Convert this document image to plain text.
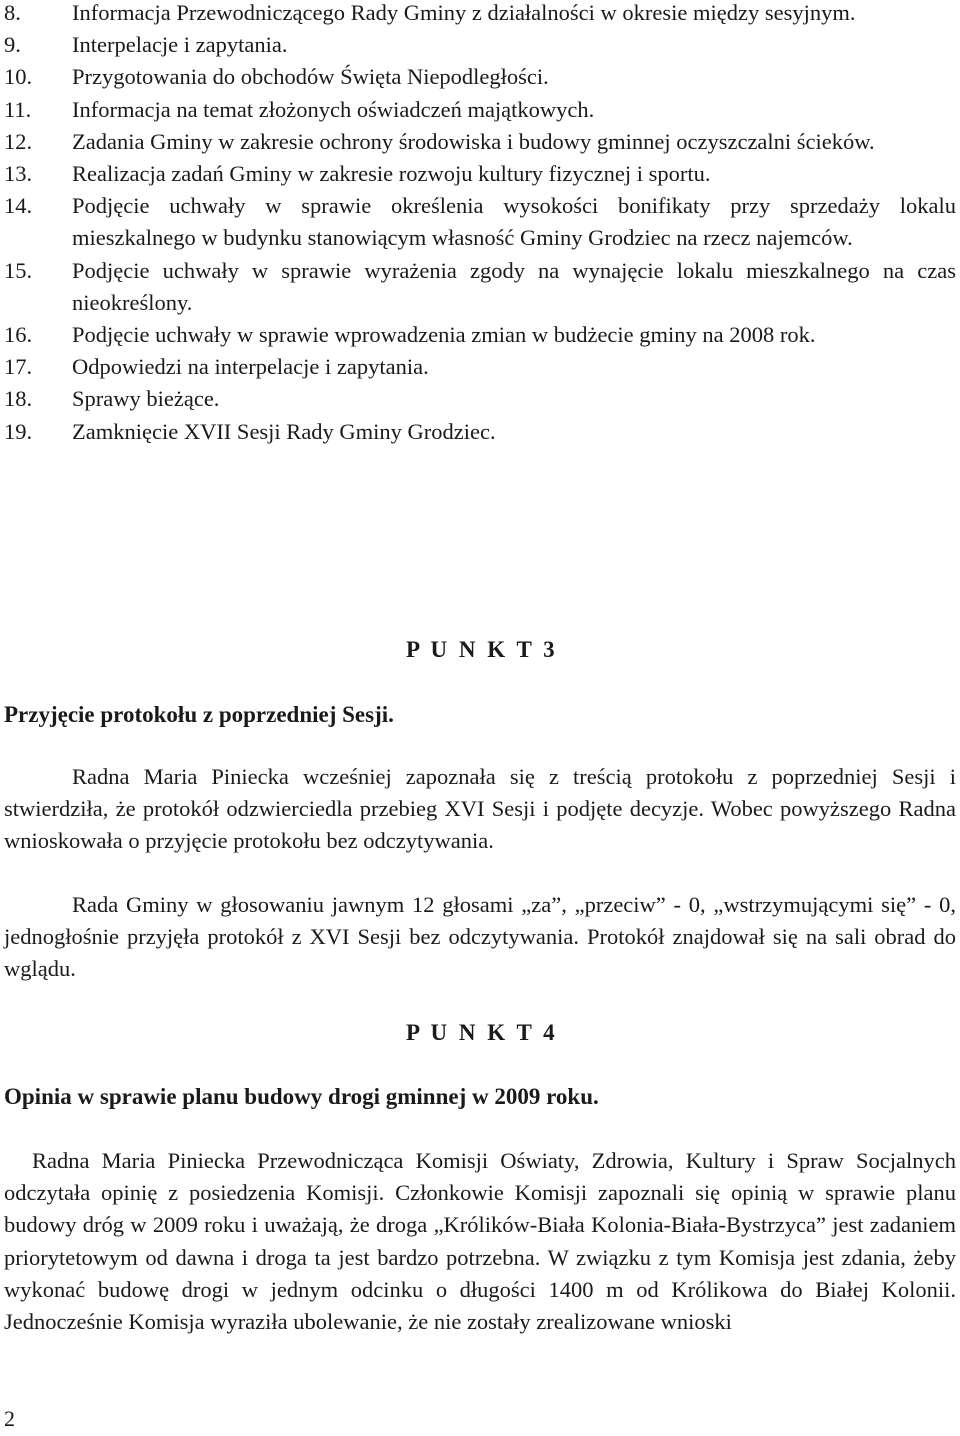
8.	Informacja Przewodniczącego Rady Gminy z działalności w okresie między sesyjnym.
9.	Interpelacje i zapytania.
10.	Przygotowania do obchodów Święta Niepodległości.
11.	Informacja na temat złożonych oświadczeń majątkowych.
12.	Zadania Gminy w zakresie ochrony środowiska i budowy gminnej oczyszczalni ścieków.
13.	Realizacja zadań Gminy w zakresie rozwoju kultury fizycznej i sportu.
14.	Podjęcie uchwały w sprawie określenia wysokości bonifikaty przy sprzedaży lokalu mieszkalnego w budynku stanowiącym własność Gminy Grodziec na rzecz najemców.
15.	Podjęcie uchwały w sprawie wyrażenia zgody na wynajęcie lokalu mieszkalnego na czas nieokreślony.
16.	Podjęcie uchwały w sprawie wprowadzenia zmian w budżecie gminy na 2008 rok.
17.	Odpowiedzi na interpelacje i zapytania.
18.	Sprawy bieżące.
19.	Zamknięcie XVII Sesji Rady Gminy Grodziec.
P U N K T 3
Przyjęcie protokołu z poprzedniej Sesji.

Radna Maria Piniecka wcześniej zapoznała się z treścią protokołu z poprzedniej Sesji i stwierdziła, że protokół odzwierciedla przebieg XVI Sesji i podjęte decyzje. Wobec powyższego Radna wnioskowała o przyjęcie protokołu bez odczytywania.

Rada Gminy w głosowaniu jawnym 12 głosami „za”, „przeciw” - 0, „wstrzymującymi się” - 0, jednogłośnie przyjęła protokół z XVI Sesji bez odczytywania. Protokół znajdował się na sali obrad do wglądu.

P U N K T 4
Opinia w sprawie planu budowy drogi gminnej w 2009 roku.

Radna Maria Piniecka Przewodnicząca Komisji Oświaty, Zdrowia, Kultury i Spraw Socjalnych odczytała opinię z posiedzenia Komisji. Członkowie Komisji zapoznali się opinią w sprawie planu budowy dróg w 2009 roku i uważają, że droga „Królików-Biała Kolonia-Biała-Bystrzyca” jest zadaniem priorytetowym od dawna i droga ta jest bardzo potrzebna. W związku z tym Komisja jest zdania, żeby wykonać budowę drogi w jednym odcinku o długości 1400 m od Królikowa do Białej Kolonii. Jednocześnie Komisja wyraziła ubolewanie, że nie zostały zrealizowane wnioski

2
